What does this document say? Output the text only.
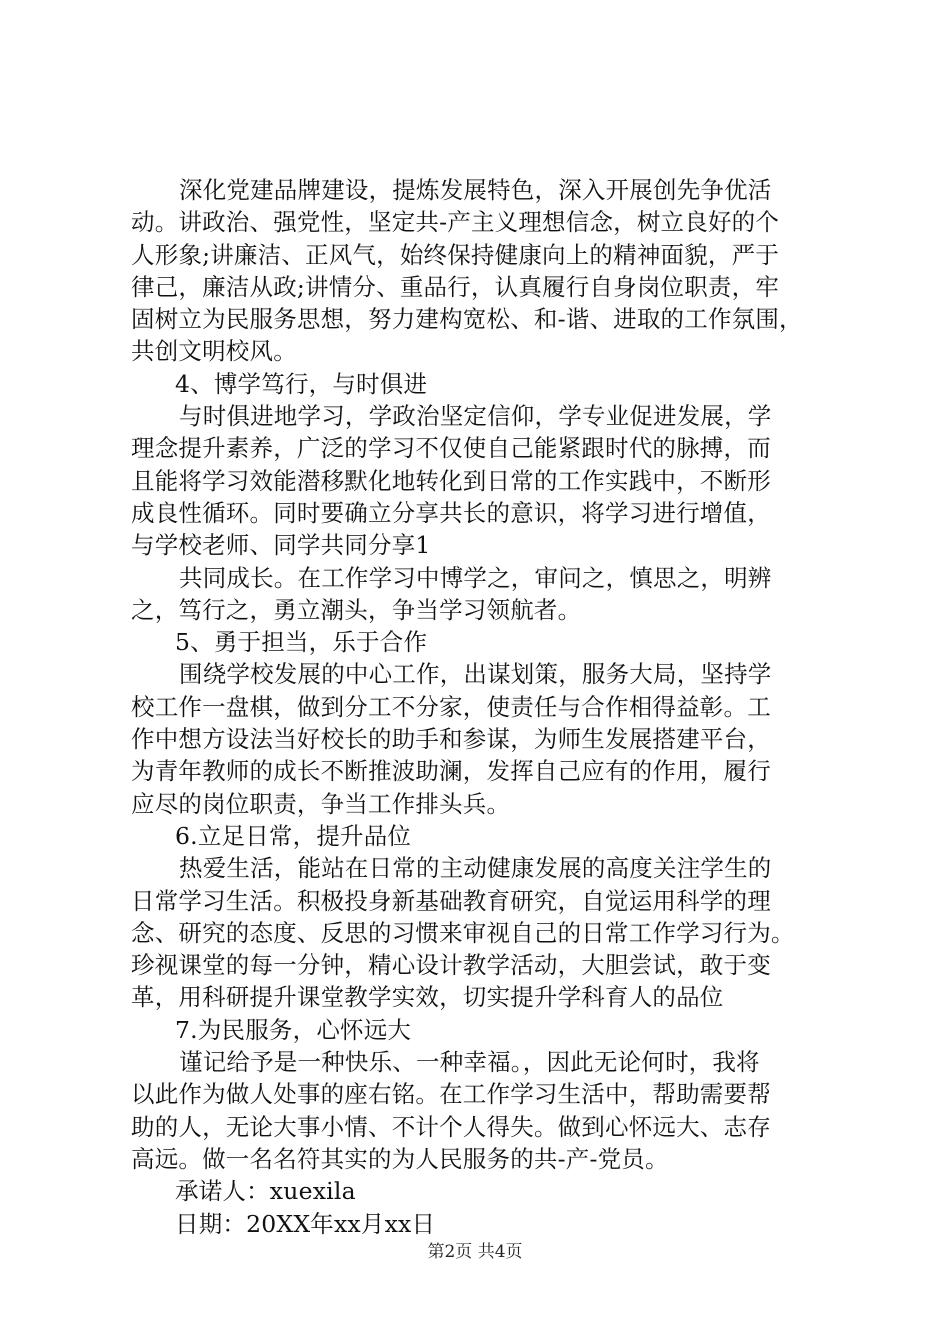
深化党建品牌建设，提炼发展特色，深入开展创先争优活
动。讲政治、强党性，坚定共-产主义理想信念，树立良好的个
人形象;讲廉洁、正风气，始终保持健康向上的精神面貌，严于
律己，廉洁从政;讲情分、重品行，认真履行自身岗位职责，牢
固树立为民服务思想，努力建构宽松、和-谐、进取的工作氛围，
共创文明校风。
4、博学笃行，与时俱进
与时俱进地学习，学政治坚定信仰，学专业促进发展，学
理念提升素养，广泛的学习不仅使自己能紧跟时代的脉搏，而
且能将学习效能潜移默化地转化到日常的工作实践中，不断形
成良性循环。同时要确立分享共长的意识，将学习进行增值，
与学校老师、同学共同分享1
共同成长。在工作学习中博学之，审问之，慎思之，明辨
之，笃行之，勇立潮头，争当学习领航者。
5、勇于担当，乐于合作
围绕学校发展的中心工作，出谋划策，服务大局，坚持学
校工作一盘棋，做到分工不分家，使责任与合作相得益彰。工
作中想方设法当好校长的助手和参谋，为师生发展搭建平台，
为青年教师的成长不断推波助澜，发挥自己应有的作用，履行
应尽的岗位职责，争当工作排头兵。
6.立足日常，提升品位
热爱生活，能站在日常的主动健康发展的高度关注学生的
日常学习生活。积极投身新基础教育研究，自觉运用科学的理
念、研究的态度、反思的习惯来审视自己的日常工作学习行为。
珍视课堂的每一分钟，精心设计教学活动，大胆尝试，敢于变
革，用科研提升课堂教学实效，切实提升学科育人的品位
7.为民服务，心怀远大
谨记给予是一种快乐、一种幸福。，因此无论何时，我将
以此作为做人处事的座右铭。在工作学习生活中，帮助需要帮
助的人，无论大事小情、不计个人得失。做到心怀远大、志存
高远。做一名名符其实的为人民服务的共-产-党员。
承诺人：xuexila
日期：20XX年xx月xx日
第2页 共4页
